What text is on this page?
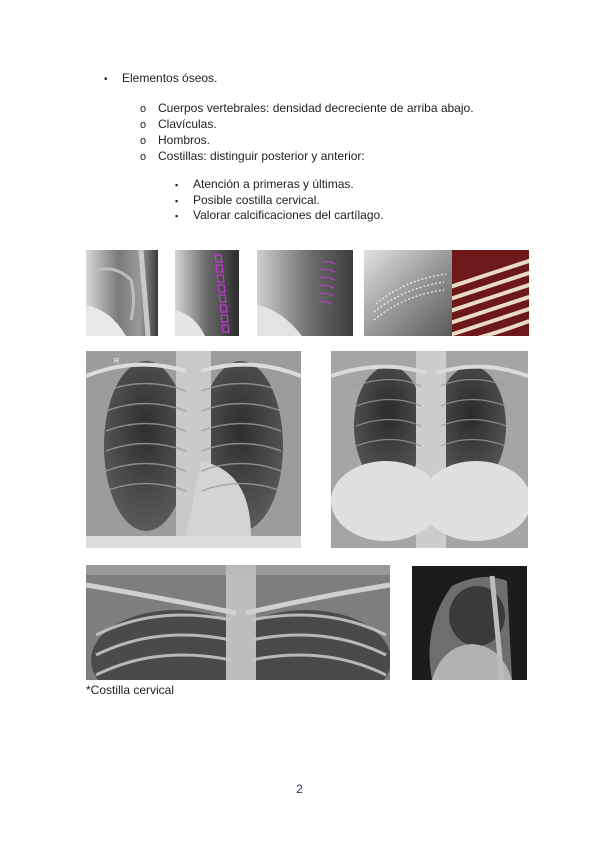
• Elementos óseos.
o Cuerpos vertebrales: densidad decreciente de arriba abajo.
o Clavículas.
o Hombros.
o Costillas: distinguir posterior y anterior:
▪ Atención a primeras y últimas.
▪ Posible costilla cervical.
▪ Valorar calcificaciones del cartílago.
R
*Costilla cervical
2
